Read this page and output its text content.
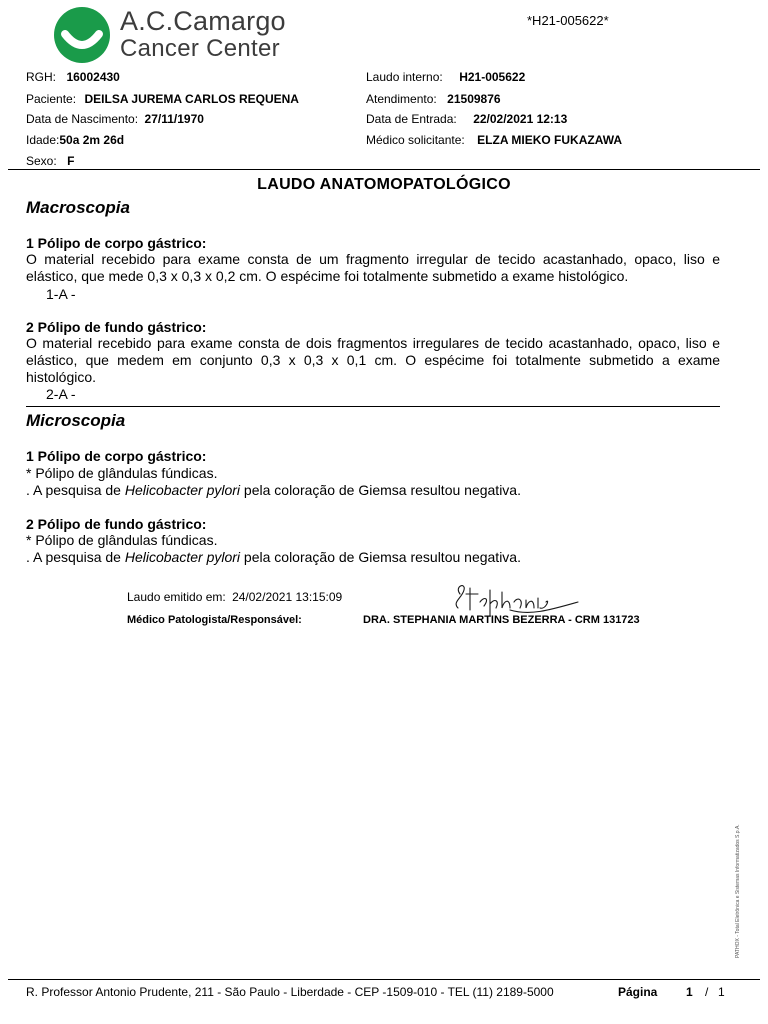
A.C.Camargo
Cancer Center
*H21-005622*
RGH: 16002430
Paciente: DEILSA JUREMA CARLOS REQUENA
Data de Nascimento: 27/11/1970
Idade:50a 2m 26d
Sexo: F
Laudo interno: H21-005622
Atendimento: 21509876
Data de Entrada: 22/02/2021 12:13
Médico solicitante: ELZA MIEKO FUKAZAWA
LAUDO ANATOMOPATOLÓGICO
Macroscopia
1 Pólipo de corpo gástrico:
O material recebido para exame consta de um fragmento irregular de tecido acastanhado, opaco, liso e elástico, que mede 0,3 x 0,3 x 0,2 cm. O espécime foi totalmente submetido a exame histológico.
1-A -
2 Pólipo de fundo gástrico:
O material recebido para exame consta de dois fragmentos irregulares de tecido acastanhado, opaco, liso e elástico, que medem em conjunto 0,3 x 0,3 x 0,1 cm. O espécime foi totalmente submetido a exame histológico.
2-A -
Microscopia
1 Pólipo de corpo gástrico:
* Pólipo de glândulas fúndicas.
. A pesquisa de Helicobacter pylori pela coloração de Giemsa resultou negativa.
2 Pólipo de fundo gástrico:
* Pólipo de glândulas fúndicas.
. A pesquisa de Helicobacter pylori pela coloração de Giemsa resultou negativa.
Laudo emitido em: 24/02/2021 13:15:09
Médico Patologista/Responsável:	DRA. STEPHANIA MARTINS BEZERRA - CRM 131723
PATHOX - Total Eletrônica e Sistemas Informatizados S.p.A.
R. Professor Antonio Prudente, 211 - São Paulo - Liberdade - CEP -1509-010 - TEL (11) 2189-5000	Página 1 / 1
